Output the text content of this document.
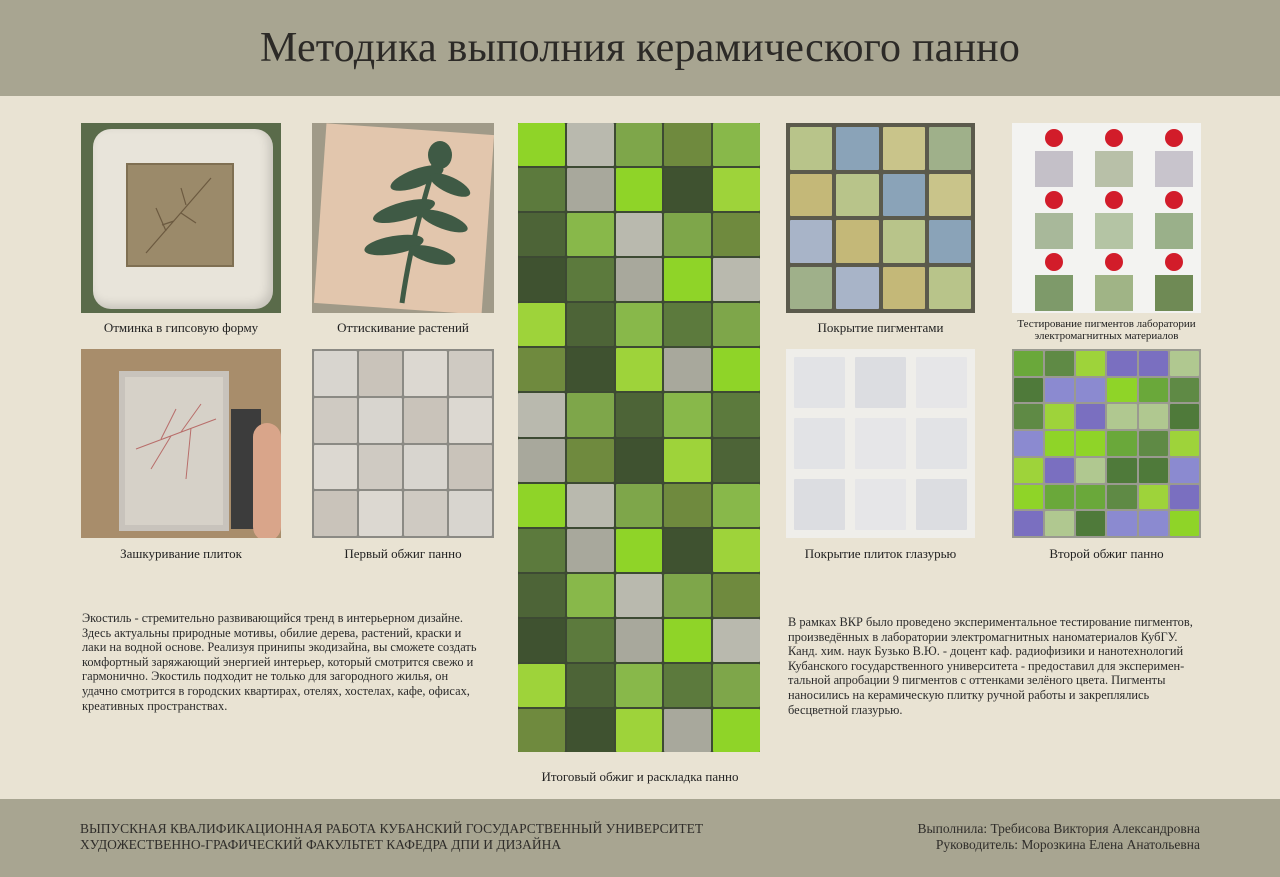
Методика выполния керамического панно
Отминка в гипсовую форму	Оттискивание растений
Зашкуривание плиток	Первый обжиг панно
Итоговый обжиг и раскладка панно
Покрытие пигментами	Тестирование пигментов лаборатории
электромагнитных материалов
Покрытие плиток глазурью	Второй обжиг панно
Экостиль - стремительно развивающийся тренд в интерьерном дизайне.
Здесь актуальны природные мотивы, обилие дерева, растений, краски и
лаки на водной основе. Реализуя принипы экодизайна, вы сможете создать
комфортный заряжающий энергией интерьер, который смотрится свежо и
гармонично. Экостиль подходит не только для загородного жилья, он
удачно смотрится в городских квартирах, отелях, хостелах, кафе, офисах,
креативных пространствах.
В рамках ВКР было проведено экспериментальное тестирование пигментов,
произведённых в лаборатории электромагнитных наноматериалов КубГУ.
Канд. хим. наук Бузько В.Ю. - доцент каф. радиофизики и нанотехнологий
Кубанского государственного университета - предоставил для эксперимен-
тальной апробации 9 пигментов с оттенками зелёного цвета. Пигменты
наносились на керамическую плитку ручной работы и закреплялись
бесцветной глазурью.
ВЫПУСКНАЯ КВАЛИФИКАЦИОННАЯ РАБОТА КУБАНСКИЙ ГОСУДАРСТВЕННЫЙ УНИВЕРСИТЕТ
ХУДОЖЕСТВЕННО-ГРАФИЧЕСКИЙ ФАКУЛЬТЕТ КАФЕДРА ДПИ И ДИЗАЙНА
Выполнила: Требисова Виктория Александровна
Руководитель: Морозкина Елена Анатольевна
